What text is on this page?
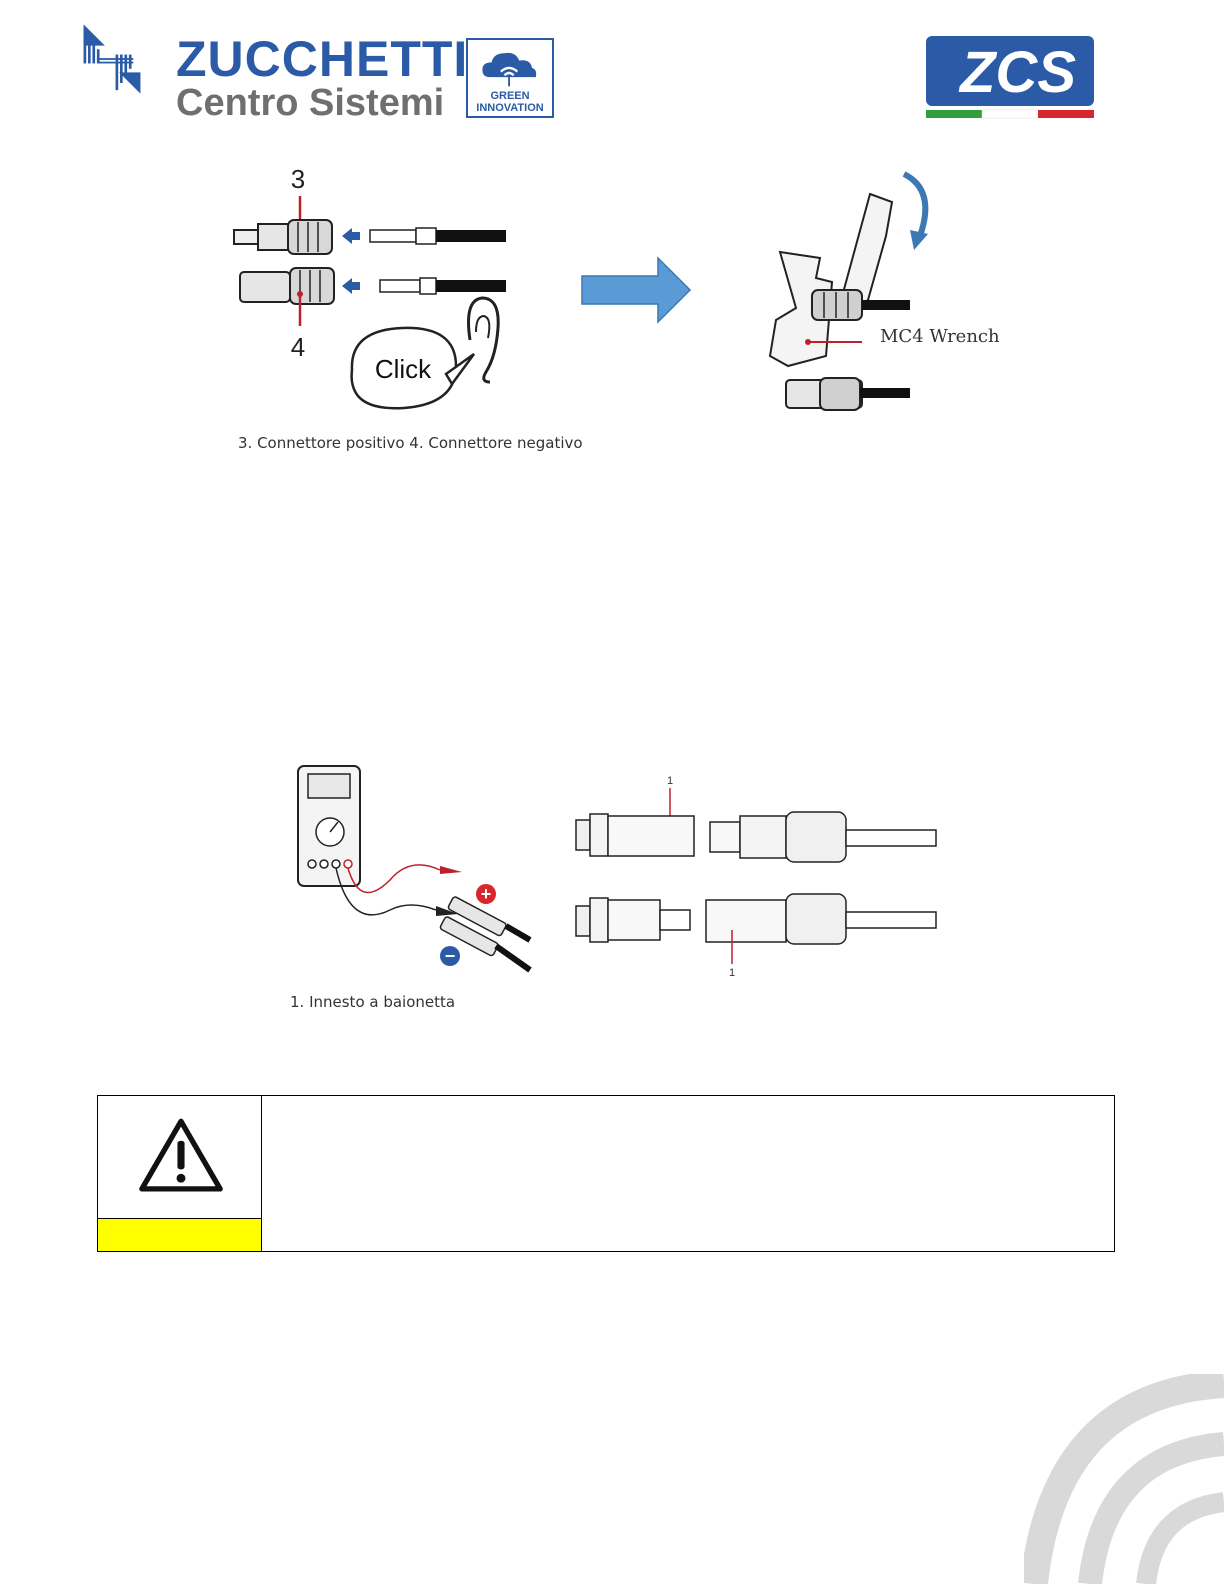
ZUCCHETTI
Centro Sistemi	GREEN
INNOVATION
ZCS
3
4
Click
MC4 Wrench
3. Connettore positivo 4. Connettore negativo
+
−
1
1
1. Innesto a baionetta
